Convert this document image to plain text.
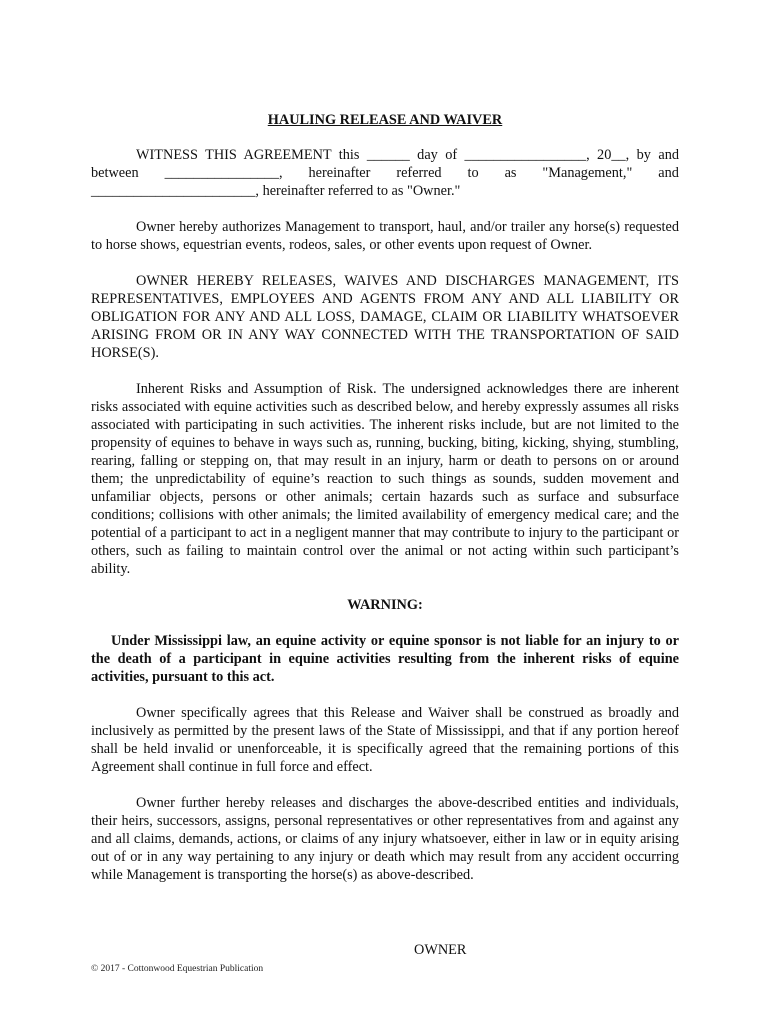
HAULING RELEASE AND WAIVER

WITNESS THIS AGREEMENT this ______ day of _________________, 20__, by and

between ________________, hereinafter referred to as "Management," and

_______________________, hereinafter referred to as "Owner."

Owner hereby authorizes Management to transport, haul, and/or trailer any horse(s) requested to horse shows, equestrian events, rodeos, sales, or other events upon request of Owner.

OWNER HEREBY RELEASES, WAIVES AND DISCHARGES MANAGEMENT, ITS REPRESENTATIVES, EMPLOYEES AND AGENTS FROM ANY AND ALL LIABILITY OR OBLIGATION FOR ANY AND ALL LOSS, DAMAGE, CLAIM OR LIABILITY WHATSOEVER ARISING FROM OR IN ANY WAY CONNECTED WITH THE TRANSPORTATION OF SAID HORSE(S).

Inherent Risks and Assumption of Risk. The undersigned acknowledges there are inherent risks associated with equine activities such as described below, and hereby expressly assumes all risks associated with participating in such activities. The inherent risks include, but are not limited to the propensity of equines to behave in ways such as, running, bucking, biting, kicking, shying, stumbling, rearing, falling or stepping on, that may result in an injury, harm or death to persons on or around them; the unpredictability of equine’s reaction to such things as sounds, sudden movement and unfamiliar objects, persons or other animals; certain hazards such as surface and subsurface conditions; collisions with other animals; the limited availability of emergency medical care; and the potential of a participant to act in a negligent manner that may contribute to injury to the participant or others, such as failing to maintain control over the animal or not acting within such participant’s ability.

WARNING:

Under Mississippi law, an equine activity or equine sponsor is not liable for an injury to or the death of a participant in equine activities resulting from the inherent risks of equine activities, pursuant to this act.

Owner specifically agrees that this Release and Waiver shall be construed as broadly and inclusively as permitted by the present laws of the State of Mississippi, and that if any portion hereof shall be held invalid or unenforceable, it is specifically agreed that the remaining portions of this Agreement shall continue in full force and effect.

Owner further hereby releases and discharges the above-described entities and individuals, their heirs, successors, assigns, personal representatives or other representatives from and against any and all claims, demands, actions, or claims of any injury whatsoever, either in law or in equity arising out of or in any way pertaining to any injury or death which may result from any accident occurring while Management is transporting the horse(s) as above-described.

OWNER
© 2017 - Cottonwood Equestrian Publication
